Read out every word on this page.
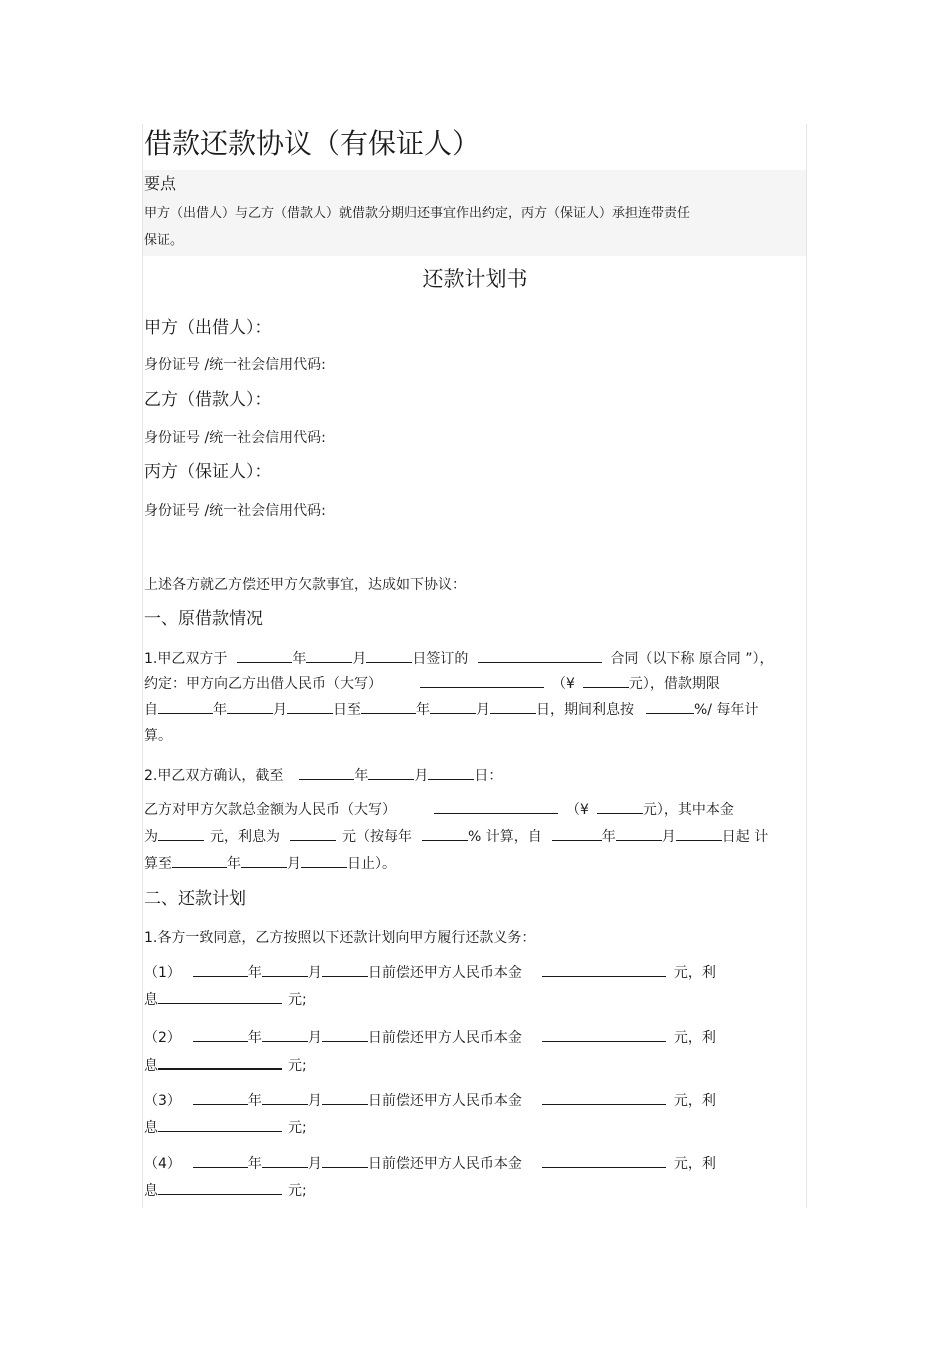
借款还款协议（有保证人）
要点
甲方（出借人）与乙方（借款人）就借款分期归还事宜作出约定，丙方（保证人）承担连带责任
保证。
还款计划书
甲方（出借人）：
身份证号 /统一社会信用代码:
乙方（借款人）：
身份证号 /统一社会信用代码:
丙方（保证人）：
身份证号 /统一社会信用代码:
上述各方就乙方偿还甲方欠款事宜，达成如下协议：
一、原借款情况
1.甲乙双方于	年	月	日签订的	合同（以下称 原合同 ”），
约定：甲方向乙方出借人民币（大写）	（¥	元），借款期限
自	年	月	日至	年	月	日，期间利息按	%/ 每年计
算。
2.甲乙双方确认，截至	年	月	日：
乙方对甲方欠款总金额为人民币（大写）	（¥	元），其中本金
为	元，利息为	元（按每年	% 计算，自	年	月	日起 计
算至	年	月	日止）。
二、还款计划
1.各方一致同意，乙方按照以下还款计划向甲方履行还款义务：
（1）	年	月	日前偿还甲方人民币本金	元，利
息	元;
（2）	年	月	日前偿还甲方人民币本金	元，利
息	元;
（3）	年	月	日前偿还甲方人民币本金	元，利
息	元;
（4）	年	月	日前偿还甲方人民币本金	元，利
息	元;
